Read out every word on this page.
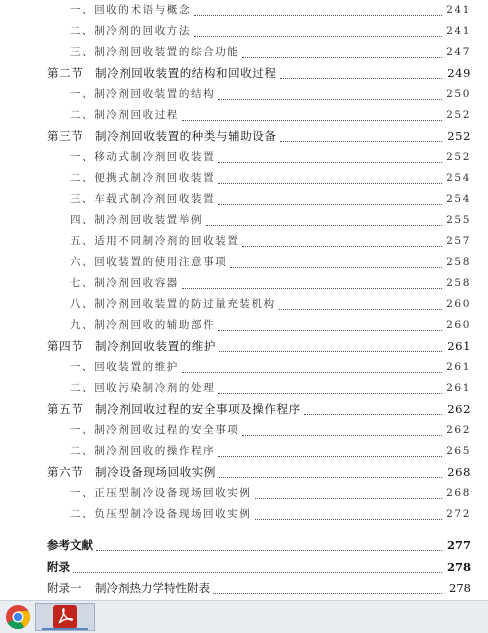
一、回收的术语与概念	241
二、制冷剂的回收方法	241
三、制冷剂回收装置的综合功能	247
第二节 制冷剂回收装置的结构和回收过程	249
一、制冷剂回收装置的结构	250
二、制冷剂回收过程	252
第三节 制冷剂回收装置的种类与辅助设备	252
一、移动式制冷剂回收装置	252
二、便携式制冷剂回收装置	254
三、车载式制冷剂回收装置	254
四、制冷剂回收装置举例	255
五、适用不同制冷剂的回收装置	257
六、回收装置的使用注意事项	258
七、制冷剂回收容器	258
八、制冷剂回收装置的防过量充装机构	260
九、制冷剂回收的辅助部件	260
第四节 制冷剂回收装置的维护	261
一、回收装置的维护	261
二、回收污染制冷剂的处理	261
第五节 制冷剂回收过程的安全事项及操作程序	262
一、制冷剂回收过程的安全事项	262
二、制冷剂回收的操作程序	265
第六节 制冷设备现场回收实例	268
一、正压型制冷设备现场回收实例	268
二、负压型制冷设备现场回收实例	272
参考文献	277
附录	278
附录一 制冷剂热力学特性附表	278
